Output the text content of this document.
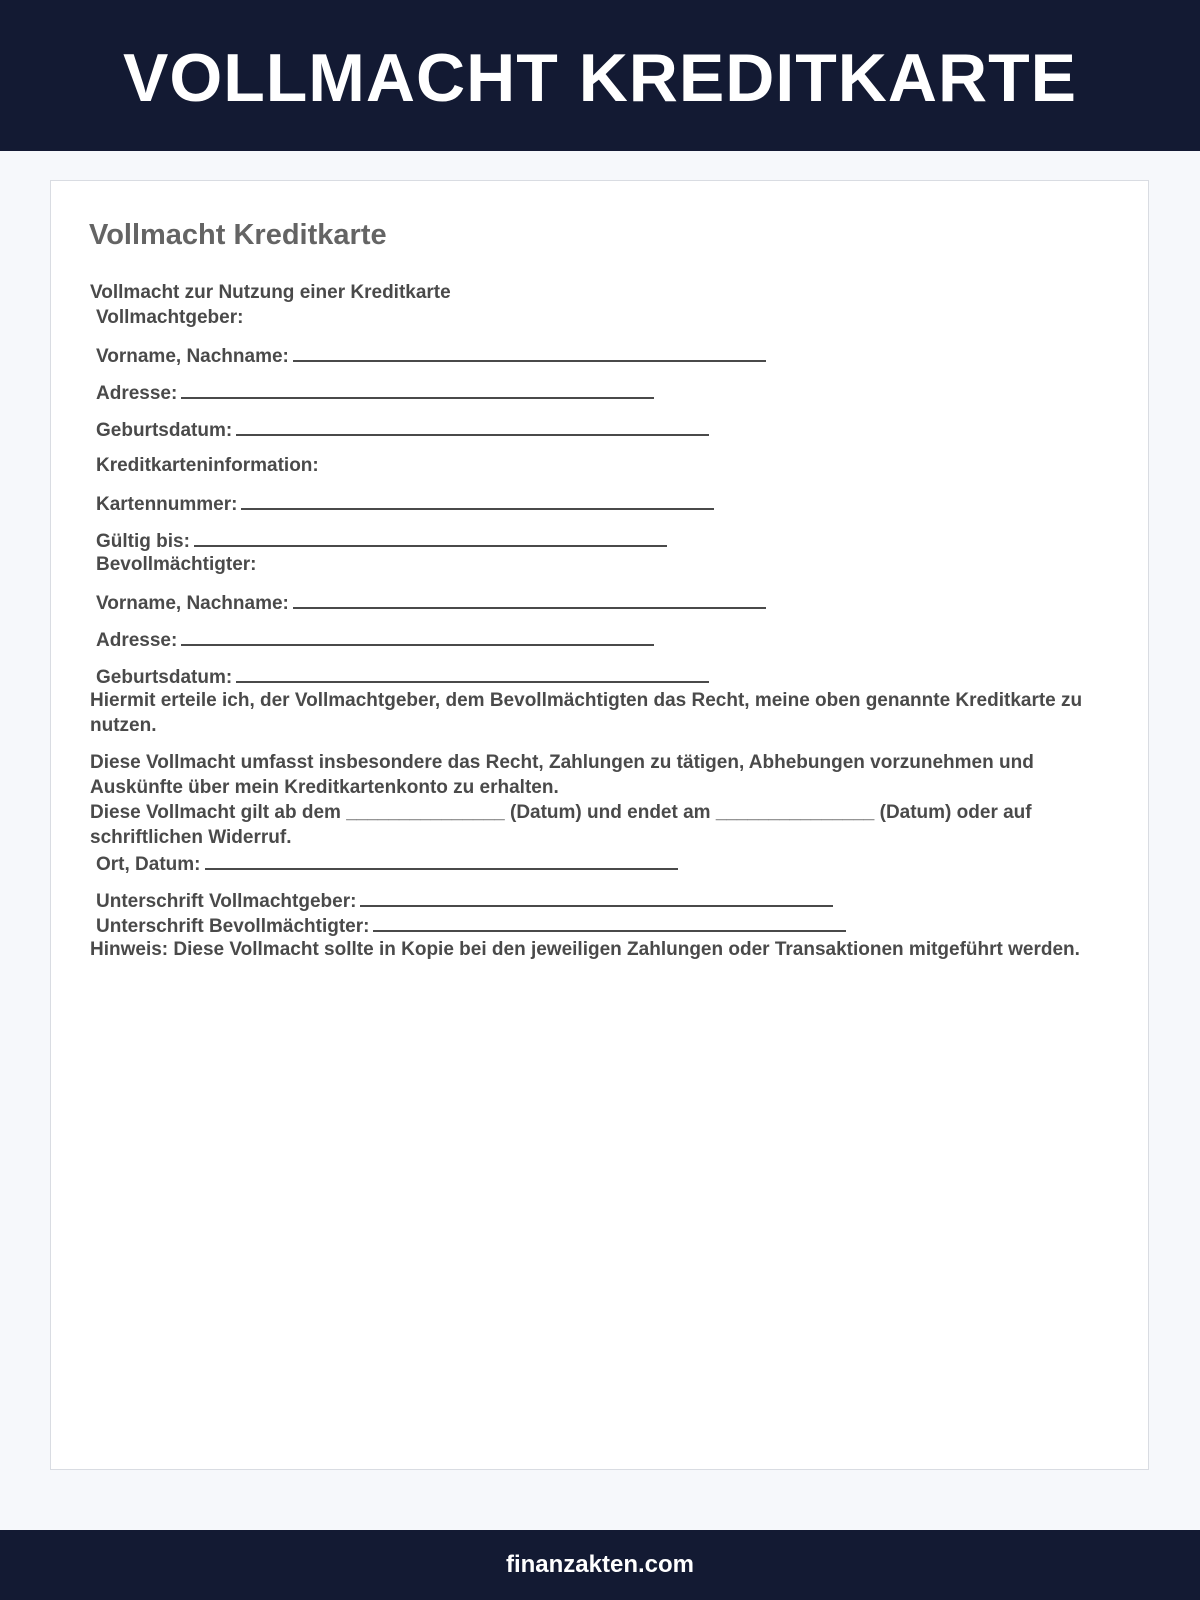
VOLLMACHT KREDITKARTE
Vollmacht Kreditkarte
Vollmacht zur Nutzung einer Kreditkarte
Vollmachtgeber:
Vorname, Nachname:
Adresse:
Geburtsdatum:
Kreditkarteninformation:
Kartennummer:
Gültig bis:
Bevollmächtigter:
Vorname, Nachname:
Adresse:
Geburtsdatum:
Hiermit erteile ich, der Vollmachtgeber, dem Bevollmächtigten das Recht, meine oben genannte Kreditkarte zu nutzen.
Diese Vollmacht umfasst insbesondere das Recht, Zahlungen zu tätigen, Abhebungen vorzunehmen und Auskünfte über mein Kreditkartenkonto zu erhalten.
Diese Vollmacht gilt ab dem _______________ (Datum) und endet am _______________ (Datum) oder auf schriftlichen Widerruf.
Ort, Datum:
Unterschrift Vollmachtgeber:
Unterschrift Bevollmächtigter:
Hinweis: Diese Vollmacht sollte in Kopie bei den jeweiligen Zahlungen oder Transaktionen mitgeführt werden.
finanzakten.com
